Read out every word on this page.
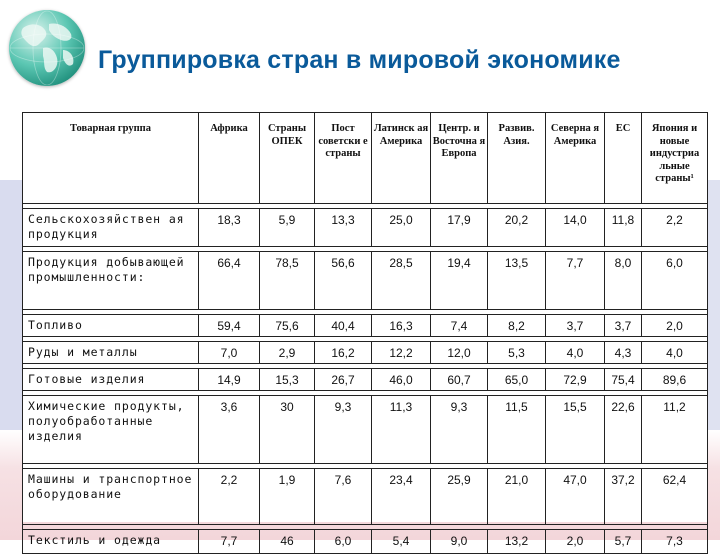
Группировка стран в мировой экономике
Товарная группа	Африка	Страны ОПЕК	Пост советски е страны	Латинск ая Америка	Центр. и Восточна я Европа	Развив. Азия.	Северна я Америка	ЕС	Япония и новые индустриа льные страны¹

Сельскохозяйствен ая продукция	18,3	5,9	13,3	25,0	17,9	20,2	14,0	11,8	2,2

Продукция добывающей промышленности:	66,4	78,5	56,6	28,5	19,4	13,5	7,7	8,0	6,0

Топливо	59,4	75,6	40,4	16,3	7,4	8,2	3,7	3,7	2,0

Руды и металлы	7,0	2,9	16,2	12,2	12,0	5,3	4,0	4,3	4,0

Готовые изделия	14,9	15,3	26,7	46,0	60,7	65,0	72,9	75,4	89,6

Химические продукты, полуобработанные изделия	3,6	30	9,3	11,3	9,3	11,5	15,5	22,6	11,2

Машины и транспортное оборудование	2,2	1,9	7,6	23,4	25,9	21,0	47,0	37,2	62,4

Текстиль и одежда	7,7	46	6,0	5,4	9,0	13,2	2,0	5,7	7,3
